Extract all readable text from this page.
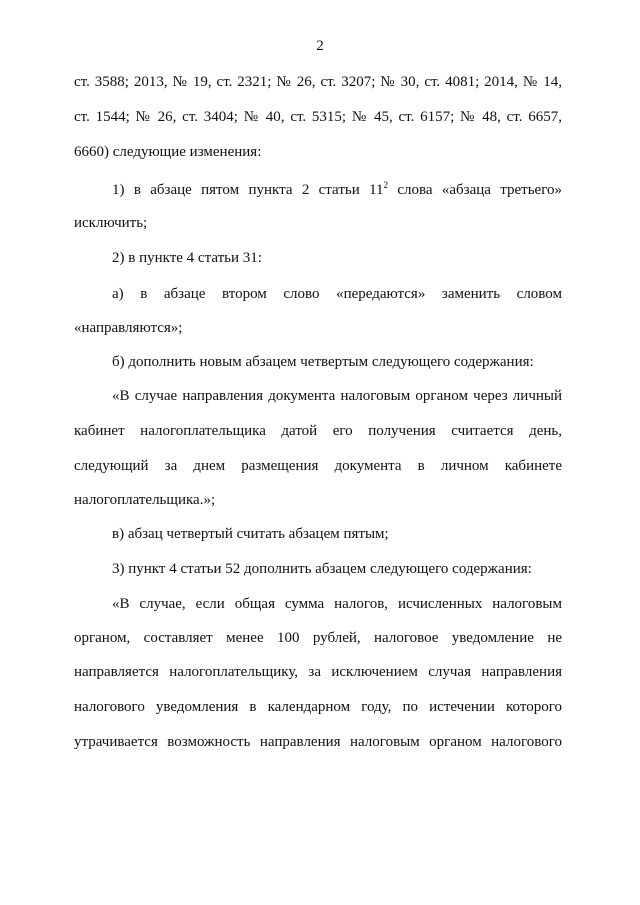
2
ст. 3588; 2013, № 19, ст. 2321; № 26, ст. 3207; № 30, ст. 4081; 2014, № 14,
ст. 1544; № 26, ст. 3404; № 40, ст. 5315; № 45, ст. 6157; № 48, ст. 6657,
6660) следующие изменения:
1) в абзаце пятом пункта 2 статьи $11^2$ слова «абзаца третьего»
исключить;
2) в пункте 4 статьи 31:
а) в абзаце втором слово «передаются» заменить словом
«направляются»;
б) дополнить новым абзацем четвертым следующего содержания:
«В случае направления документа налоговым органом через личный
кабинет налогоплательщика датой его получения считается день,
следующий за днем размещения документа в личном кабинете
налогоплательщика.»;
в) абзац четвертый считать абзацем пятым;
3) пункт 4 статьи 52 дополнить абзацем следующего содержания:
«В случае, если общая сумма налогов, исчисленных налоговым
органом, составляет менее 100 рублей, налоговое уведомление не
направляется налогоплательщику, за исключением случая направления
налогового уведомления в календарном году, по истечении которого
утрачивается возможность направления налоговым органом налогового
